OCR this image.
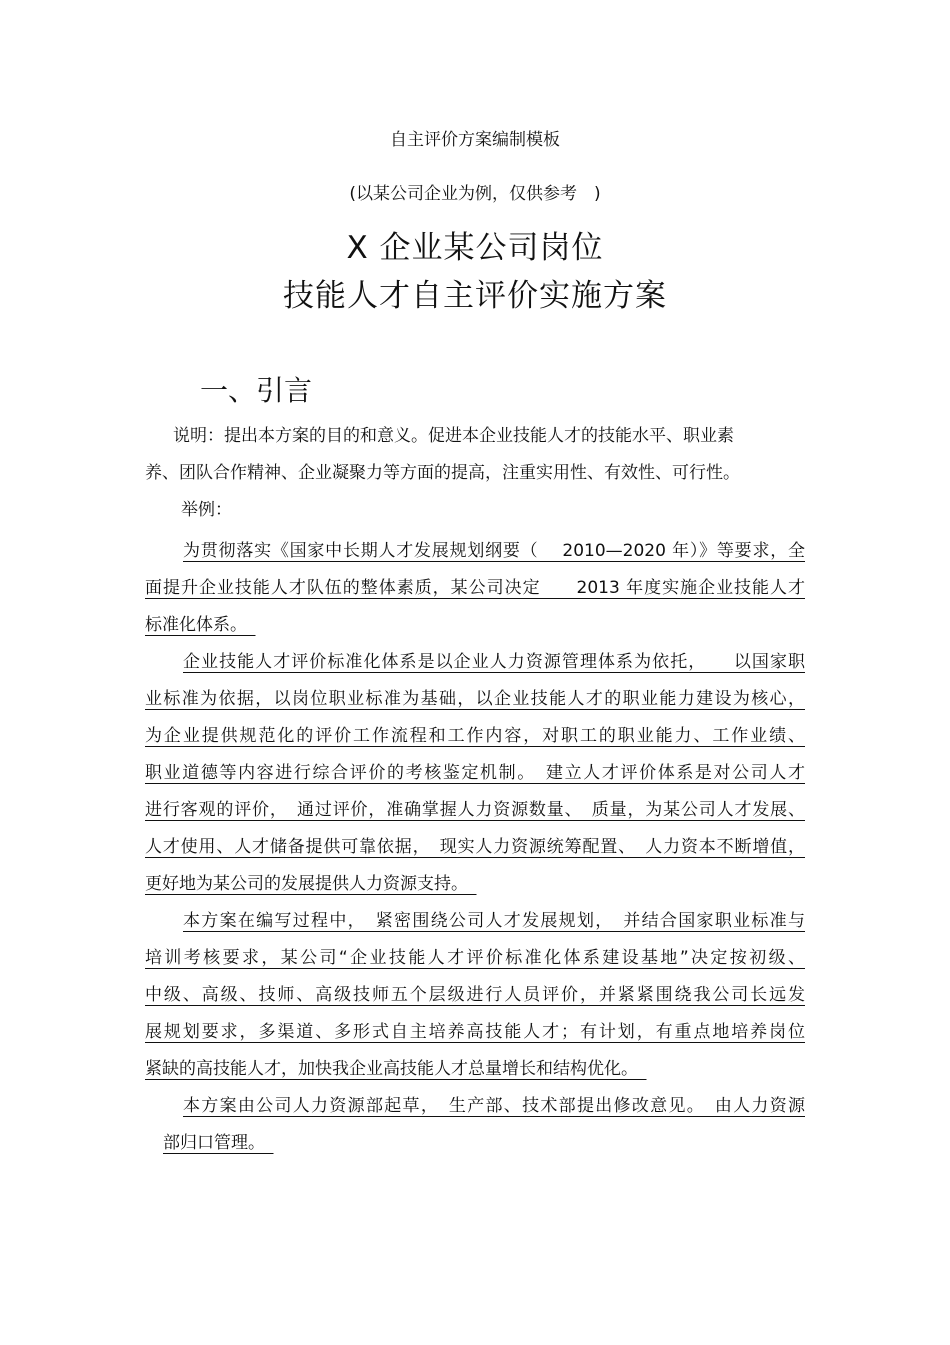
自主评价方案编制模板
(以某公司企业为例，仅供参考　)
X 企业某公司岗位
技能人才自主评价实施方案
一、引言
说明：提出本方案的目的和意义。促进本企业技能人才的技能水平、职业素
养、团队合作精神、企业凝聚力等方面的提高，注重实用性、有效性、可行性。
举例：
为贯彻落实《国家中长期人才发展规划纲要（　 2010—2020 年）》等要求，全
面提升企业技能人才队伍的整体素质，某公司决定　　2013 年度实施企业技能人才
标准化体系。　
企业技能人才评价标准化体系是以企业人力资源管理体系为依托，　　以国家职
业标准为依据，以岗位职业标准为基础，以企业技能人才的职业能力建设为核心，
为企业提供规范化的评价工作流程和工作内容，对职工的职业能力、工作业绩、
职业道德等内容进行综合评价的考核鉴定机制。　建立人才评价体系是对公司人才
进行客观的评价，　通过评价，准确掌握人力资源数量、　质量，为某公司人才发展、
人才使用、人才储备提供可靠依据，　现实人力资源统筹配置、　人力资本不断增值，
更好地为某公司的发展提供人力资源支持。　
本方案在编写过程中，　紧密围绕公司人才发展规划，　并结合国家职业标准与
培训考核要求，某公司“企业技能人才评价标准化体系建设基地”决定按初级、
中级、高级、技师、高级技师五个层级进行人员评价，并紧紧围绕我公司长远发
展规划要求，多渠道、多形式自主培养高技能人才；有计划，有重点地培养岗位
紧缺的高技能人才，加快我企业高技能人才总量增长和结构优化。　
本方案由公司人力资源部起草，　生产部、技术部提出修改意见。　由人力资源
部归口管理。　
